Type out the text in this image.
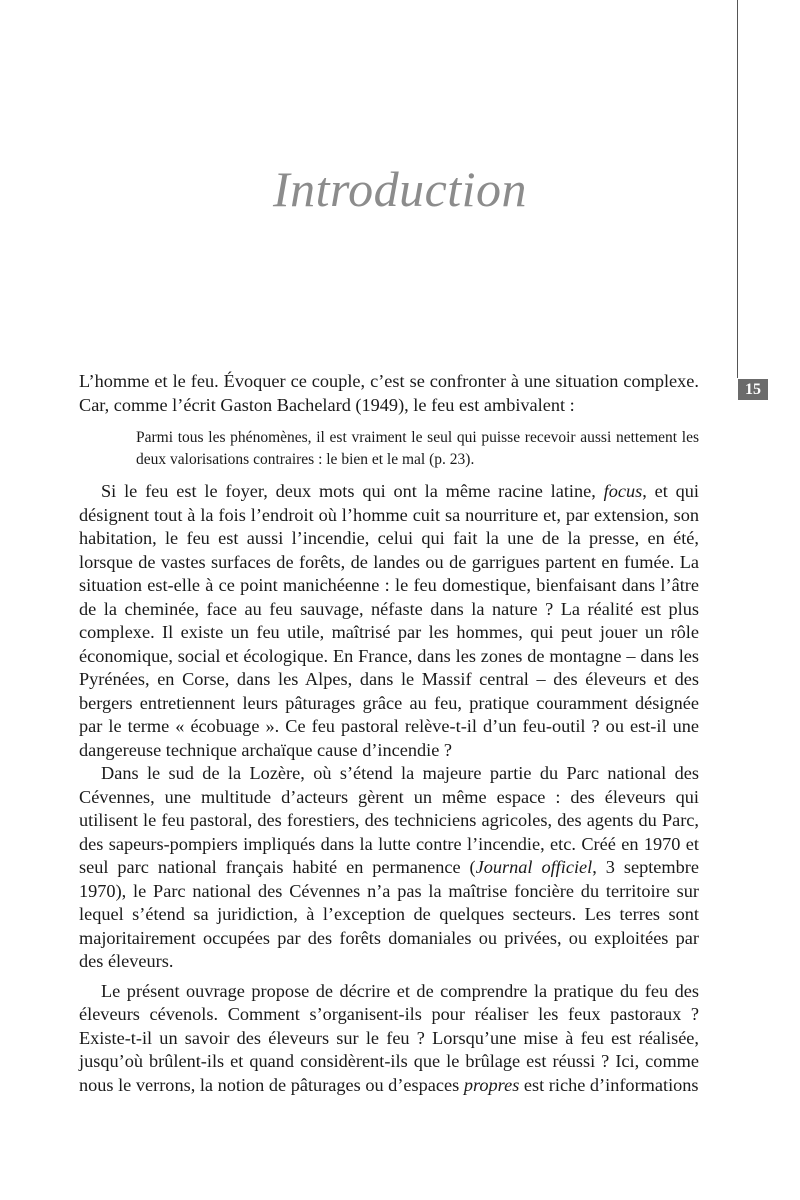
15
Introduction

L’homme et le feu. Évoquer ce couple, c’est se confronter à une situation complexe. Car, comme l’écrit Gaston Bachelard (1949), le feu est ambivalent :

Parmi tous les phénomènes, il est vraiment le seul qui puisse recevoir aussi nettement les deux valorisations contraires : le bien et le mal (p. 23).

Si le feu est le foyer, deux mots qui ont la même racine latine, focus, et qui désignent tout à la fois l’endroit où l’homme cuit sa nourriture et, par extension, son habitation, le feu est aussi l’incendie, celui qui fait la une de la presse, en été, lorsque de vastes surfaces de forêts, de landes ou de garrigues partent en fumée. La situation est-elle à ce point manichéenne : le feu domestique, bienfaisant dans l’âtre de la cheminée, face au feu sauvage, néfaste dans la nature ? La réalité est plus complexe. Il existe un feu utile, maîtrisé par les hommes, qui peut jouer un rôle économique, social et écologique. En France, dans les zones de montagne – dans les Pyrénées, en Corse, dans les Alpes, dans le Massif central – des éleveurs et des bergers entretiennent leurs pâturages grâce au feu, pratique couramment désignée par le terme « écobuage ». Ce feu pastoral relève-t-il d’un feu-outil ? ou est-il une dangereuse technique archaïque cause d’incendie ?

Dans le sud de la Lozère, où s’étend la majeure partie du Parc national des Cévennes, une multitude d’acteurs gèrent un même espace : des éleveurs qui utilisent le feu pastoral, des forestiers, des techniciens agricoles, des agents du Parc, des sapeurs-pompiers impliqués dans la lutte contre l’incendie, etc. Créé en 1970 et seul parc national français habité en permanence (Journal officiel, 3 septembre 1970), le Parc national des Cévennes n’a pas la maîtrise foncière du territoire sur lequel s’étend sa juridiction, à l’exception de quelques secteurs. Les terres sont majoritairement occupées par des forêts domaniales ou privées, ou exploitées par des éleveurs.

Le présent ouvrage propose de décrire et de comprendre la pratique du feu des éleveurs cévenols. Comment s’organisent-ils pour réaliser les feux pastoraux ? Existe-t-il un savoir des éleveurs sur le feu ? Lorsqu’une mise à feu est réalisée, jusqu’où brûlent-ils et quand considèrent-ils que le brûlage est réussi ? Ici, comme nous le verrons, la notion de pâturages ou d’espaces propres est riche d’informations
